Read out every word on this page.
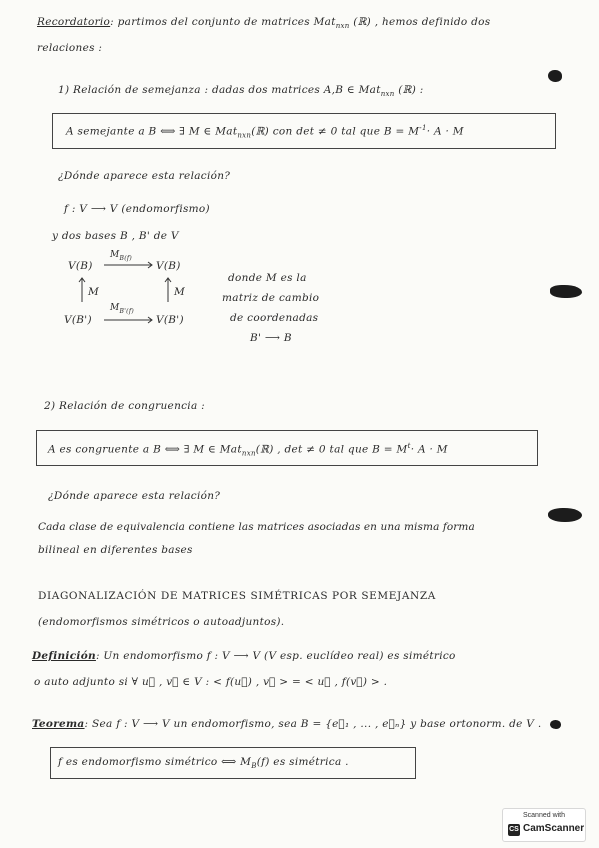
Recordatorio: partimos del conjunto de matrices Mat$_{nxn}$ (ℝ) , hemos definido dos
relaciones :
1) Relación de semejanza : dadas dos matrices A,B ∈ Mat$_{nxn}$ (ℝ) :
A semejante a B ⟺ ∃ M ∈ Mat$_{nxn}$(ℝ) con det ≠ 0 tal que $B = M^{-1}\cdot A \cdot M$
¿Dónde aparece esta relación?
f : V ⟶ V (endomorfismo)
y dos bases B , B' de V
V(B)
$M_{B(f)}$
V(B)
M	M
V(B')
$M_{B'(f)}$
V(B')
donde M es la
matriz de cambio
de coordenadas
B' ⟶ B
2) Relación de congruencia :
A es congruente a B ⟺ ∃ M ∈ Mat$_{nxn}$(ℝ) , det ≠ 0 tal que $B = M^t\cdot A \cdot M$
¿Dónde aparece esta relación?
Cada clase de equivalencia contiene las matrices asociadas en una misma forma
bilineal en diferentes bases
DIAGONALIZACIÓN DE MATRICES SIMÉTRICAS POR SEMEJANZA
(endomorfismos simétricos o autoadjuntos).
Definición: Un endomorfismo f : V ⟶ V (V esp. euclídeo real) es simétrico
o auto adjunto si ∀ u⃗ , v⃗ ∈ V : < f(u⃗) , v⃗ > = < u⃗ , f(v⃗) > .
Teorema: Sea f : V ⟶ V un endomorfismo, sea B = {e⃗₁ , ... , e⃗ₙ} y base ortonorm. de V .
f es endomorfismo simétrico ⟺ $M_B(f)$ es simétrica .
Scanned with
CS CamScanner
